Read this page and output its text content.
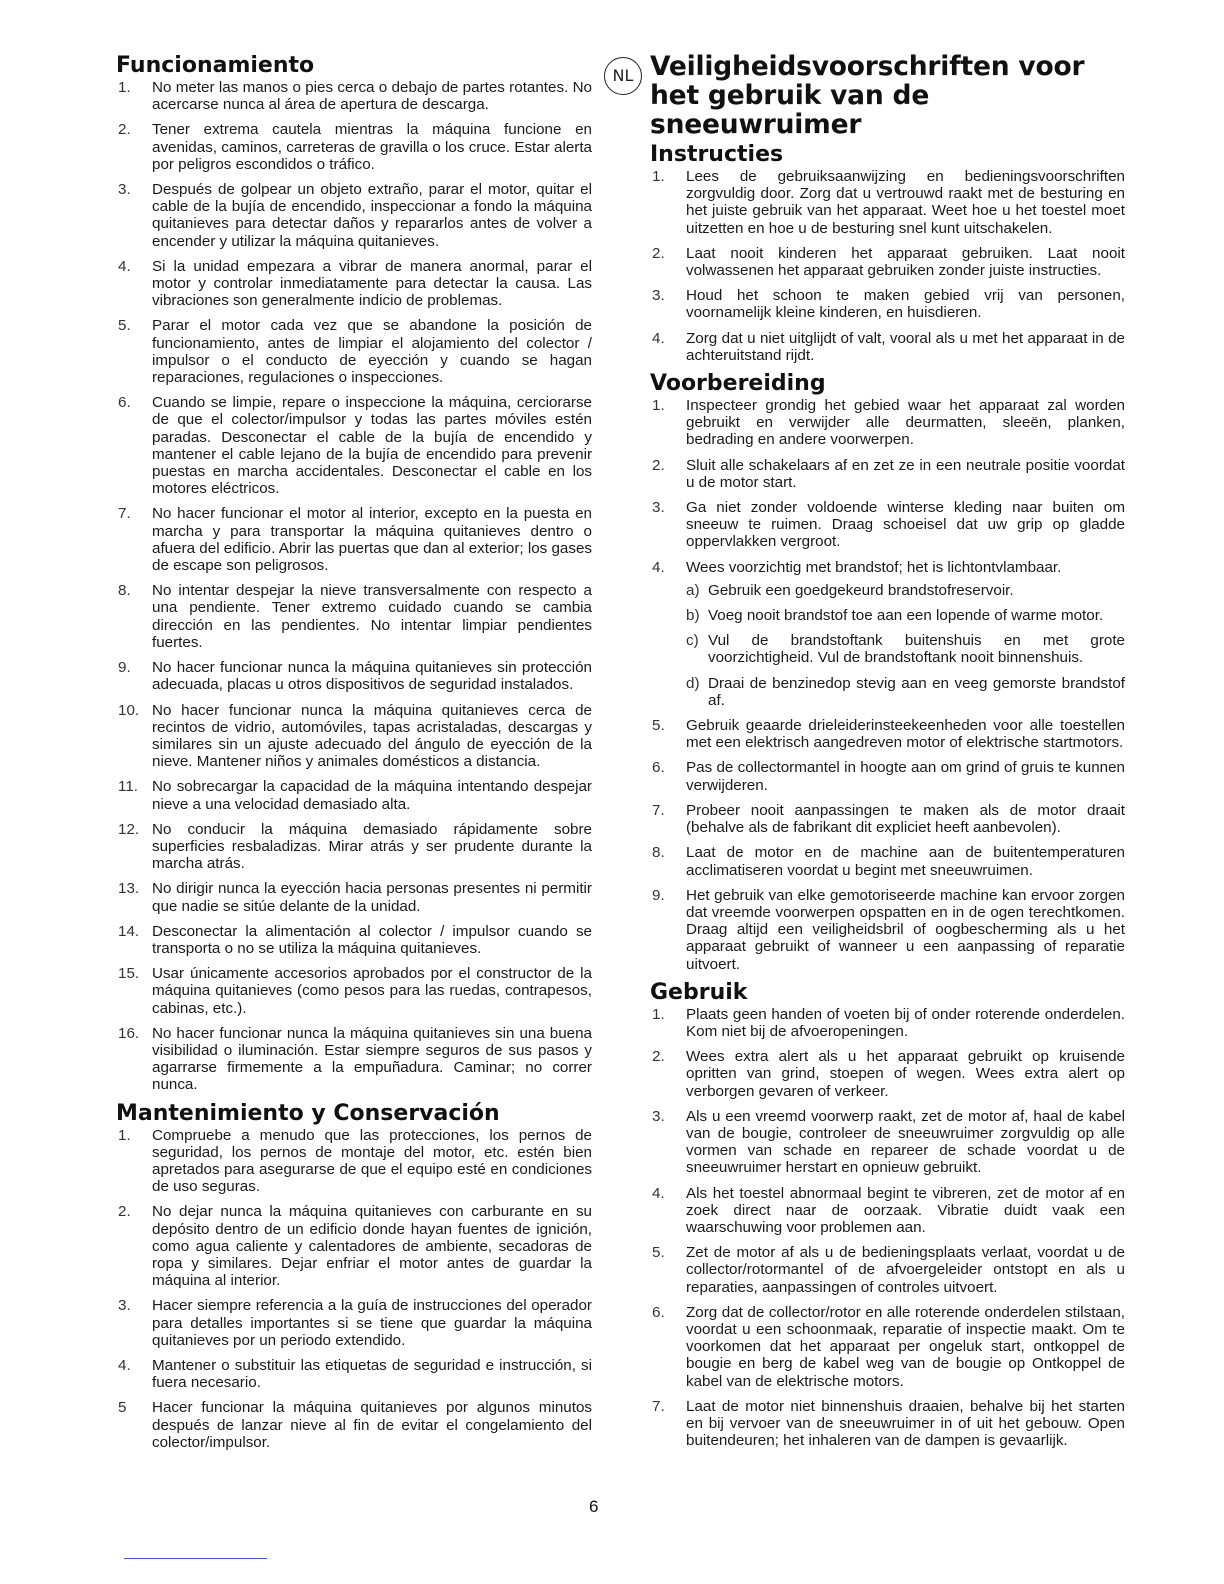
Funcionamiento
1. No meter las manos o pies cerca o debajo de partes rotantes. No acercarse nunca al área de apertura de descarga.
2. Tener extrema cautela mientras la máquina funcione en avenidas, caminos, carreteras de gravilla o los cruce. Estar alerta por peligros escondidos o tráfico.
3. Después de golpear un objeto extraño, parar el motor, quitar el cable de la bujía de encendido, inspeccionar a fondo la máquina quitanieves para detectar daños y repararlos antes de volver a encender y utilizar la máquina quitanieves.
4. Si la unidad empezara a vibrar de manera anormal, parar el motor y controlar inmediatamente para detectar la causa. Las vibraciones son generalmente indicio de problemas.
5. Parar el motor cada vez que se abandone la posición de funcionamiento, antes de limpiar el alojamiento del colector / impulsor o el conducto de eyección y cuando se hagan reparaciones, regulaciones o inspecciones.
6. Cuando se limpie, repare o inspeccione la máquina, cerciorarse de que el colector/impulsor y todas las partes móviles estén paradas. Desconectar el cable de la bujía de encendido y mantener el cable lejano de la bujía de encendido para prevenir puestas en marcha accidentales. Desconectar el cable en los motores eléctricos.
7. No hacer funcionar el motor al interior, excepto en la puesta en marcha y para transportar la máquina quitanieves dentro o afuera del edificio. Abrir las puertas que dan al exterior; los gases de escape son peligrosos.
8. No intentar despejar la nieve transversalmente con respecto a una pendiente. Tener extremo cuidado cuando se cambia dirección en las pendientes. No intentar limpiar pendientes fuertes.
9. No hacer funcionar nunca la máquina quitanieves sin protección adecuada, placas u otros dispositivos de seguridad instalados.
10. No hacer funcionar nunca la máquina quitanieves cerca de recintos de vidrio, automóviles, tapas acristaladas, descargas y similares sin un ajuste adecuado del ángulo de eyección de la nieve. Mantener niños y animales domésticos a distancia.
11. No sobrecargar la capacidad de la máquina intentando despejar nieve a una velocidad demasiado alta.
12. No conducir la máquina demasiado rápidamente sobre superficies resbaladizas. Mirar atrás y ser prudente durante la marcha atrás.
13. No dirigir nunca la eyección hacia personas presentes ni permitir que nadie se sitúe delante de la unidad.
14. Desconectar la alimentación al colector / impulsor cuando se transporta o no se utiliza la máquina quitanieves.
15. Usar únicamente accesorios aprobados por el constructor de la máquina quitanieves (como pesos para las ruedas, contrapesos, cabinas, etc.).
16. No hacer funcionar nunca la máquina quitanieves sin una buena visibilidad o iluminación. Estar siempre seguros de sus pasos y agarrarse firmemente a la empuñadura. Caminar; no correr nunca.
Mantenimiento y Conservación
1. Compruebe a menudo que las protecciones, los pernos de seguridad, los pernos de montaje del motor, etc. estén bien apretados para asegurarse de que el equipo esté en condiciones de uso seguras.
2. No dejar nunca la máquina quitanieves con carburante en su depósito dentro de un edificio donde hayan fuentes de ignición, como agua caliente y calentadores de ambiente, secadoras de ropa y similares. Dejar enfriar el motor antes de guardar la máquina al interior.
3. Hacer siempre referencia a la guía de instrucciones del operador para detalles importantes si se tiene que guardar la máquina quitanieves por un periodo extendido.
4. Mantener o substituir las etiquetas de seguridad e instrucción, si fuera necesario.
5 Hacer funcionar la máquina quitanieves por algunos minutos después de lanzar nieve al fin de evitar el congelamiento del colector/impulsor.
NL Veiligheidsvoorschriften voor het gebruik van de sneeuwruimer
Instructies
1. Lees de gebruiksaanwijzing en bedieningsvoorschriften zorgvuldig door. Zorg dat u vertrouwd raakt met de besturing en het juiste gebruik van het apparaat. Weet hoe u het toestel moet uitzetten en hoe u de besturing snel kunt uitschakelen.
2. Laat nooit kinderen het apparaat gebruiken. Laat nooit volwassenen het apparaat gebruiken zonder juiste instructies.
3. Houd het schoon te maken gebied vrij van personen, voornamelijk kleine kinderen, en huisdieren.
4. Zorg dat u niet uitglijdt of valt, vooral als u met het apparaat in de achteruitstand rijdt.
Voorbereiding
1. Inspecteer grondig het gebied waar het apparaat zal worden gebruikt en verwijder alle deurmatten, sleeën, planken, bedrading en andere voorwerpen.
2. Sluit alle schakelaars af en zet ze in een neutrale positie voordat u de motor start.
3. Ga niet zonder voldoende winterse kleding naar buiten om sneeuw te ruimen. Draag schoeisel dat uw grip op gladde oppervlakken vergroot.
4. Wees voorzichtig met brandstof; het is lichtontvlambaar.
a) Gebruik een goedgekeurd brandstofreservoir.
b) Voeg nooit brandstof toe aan een lopende of warme motor.
c) Vul de brandstoftank buitenshuis en met grote voorzichtigheid. Vul de brandstoftank nooit binnenshuis.
d) Draai de benzinedop stevig aan en veeg gemorste brandstof af.
5. Gebruik geaarde drieleiderinsteekeenheden voor alle toestellen met een elektrisch aangedreven motor of elektrische startmotors.
6. Pas de collectormantel in hoogte aan om grind of gruis te kunnen verwijderen.
7. Probeer nooit aanpassingen te maken als de motor draait (behalve als de fabrikant dit expliciet heeft aanbevolen).
8. Laat de motor en de machine aan de buitentemperaturen acclimatiseren voordat u begint met sneeuwruimen.
9. Het gebruik van elke gemotoriseerde machine kan ervoor zorgen dat vreemde voorwerpen opspatten en in de ogen terechtkomen. Draag altijd een veiligheidsbril of oogbescherming als u het apparaat gebruikt of wanneer u een aanpassing of reparatie uitvoert.
Gebruik
1. Plaats geen handen of voeten bij of onder roterende onderdelen. Kom niet bij de afvoeropeningen.
2. Wees extra alert als u het apparaat gebruikt op kruisende opritten van grind, stoepen of wegen. Wees extra alert op verborgen gevaren of verkeer.
3. Als u een vreemd voorwerp raakt, zet de motor af, haal de kabel van de bougie, controleer de sneeuwruimer zorgvuldig op alle vormen van schade en repareer de schade voordat u de sneeuwruimer herstart en opnieuw gebruikt.
4. Als het toestel abnormaal begint te vibreren, zet de motor af en zoek direct naar de oorzaak. Vibratie duidt vaak een waarschuwing voor problemen aan.
5. Zet de motor af als u de bedieningsplaats verlaat, voordat u de collector/rotormantel of de afvoergeleider ontstopt en als u reparaties, aanpassingen of controles uitvoert.
6. Zorg dat de collector/rotor en alle roterende onderdelen stilstaan, voordat u een schoonmaak, reparatie of inspectie maakt. Om te voorkomen dat het apparaat per ongeluk start, ontkoppel de bougie en berg de kabel weg van de bougie op Ontkoppel de kabel van de elektrische motors.
7. Laat de motor niet binnenshuis draaien, behalve bij het starten en bij vervoer van de sneeuwruimer in of uit het gebouw. Open buitendeuren; het inhaleren van de dampen is gevaarlijk.
6
